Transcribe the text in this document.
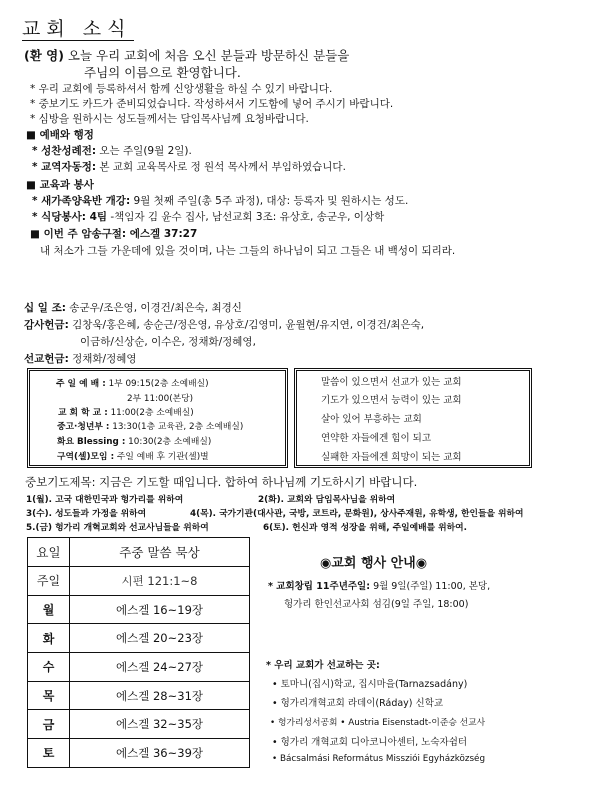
교회 소식
(환 영) 오늘 우리 교회에 처음 오신 분들과 방문하신 분들을
주님의 이름으로 환영합니다.
* 우리 교회에 등록하셔서 함께 신앙생활을 하실 수 있기 바랍니다.
* 중보기도 카드가 준비되었습니다. 작성하셔서 기도함에 넣어 주시기 바랍니다.
* 심방을 원하시는 성도들께서는 담임목사님께 요청바랍니다.
■ 예배와 행정
* 성찬성례전: 오는 주일(9월 2일).
* 교역자동정: 본 교회 교육목사로 정 원석 목사께서 부임하였습니다.
■ 교육과 봉사
* 새가족양육반 개강: 9월 첫째 주일(총 5주 과정), 대상: 등록자 및 원하시는 성도.
* 식당봉사: 4팀 -책임자 김 윤수 집사, 남선교회 3조: 유상호, 송군우, 이상학
■ 이번 주 암송구절: 에스겔 37:27
내 처소가 그들 가운데에 있을 것이며, 나는 그들의 하나님이 되고 그들은 내 백성이 되리라.
십 일 조: 송군우/조은영, 이경건/최은숙, 최경신
감사헌금: 김창욱/홍은혜, 송순근/정은영, 유상호/김영미, 윤월현/유지연, 이경건/최은숙,
이금하/신상순, 이수은, 정채화/정혜영,
선교헌금: 정채화/정혜영
주 일 예 배 : 1부 09:15(2층 소예배실)
2부 11:00(본당)
교 회 학 교 : 11:00(2층 소예배실)
중고·청년부 : 13:30(1층 교육관, 2층 소예배실)
화요 Blessing : 10:30(2층 소예배실)
구역(셀)모임 : 주일 예배 후 기관(셀)별
말씀이 있으면서 선교가 있는 교회
기도가 있으면서 능력이 있는 교회
살아 있어 부흥하는 교회
연약한 자들에겐 힘이 되고
실패한 자들에겐 희망이 되는 교회
중보기도제목: 지금은 기도할 때입니다. 합하여 하나님께 기도하시기 바랍니다.
1(월). 고국 대한민국과 헝가리를 위하여	2(화). 교회와 담임목사님을 위하여
3(수). 성도들과 가정을 위하여	4(목). 국가기관(대사관, 국방, 코트라, 문화원), 상사주재원, 유학생, 한인들을 위하여
5.(금) 헝가리 개혁교회와 선교사님들을 위하여	6(토). 헌신과 영적 성장을 위해, 주일예배를 위하여.
요일	주중 말씀 묵상
주일	시편 121:1~8
월	에스겔 16~19장
화	에스겔 20~23장
수	에스겔 24~27장
목	에스겔 28~31장
금	에스겔 32~35장
토	에스겔 36~39장
◉교회 행사 안내◉
* 교회창립 11주년주일: 9월 9일(주일) 11:00, 본당,
헝가리 한인선교사회 섬김(9일 주일, 18:00)
* 우리 교회가 선교하는 곳:
• 토마니(집시)학교, 집시마을(Tarnazsadány)
• 헝가리개혁교회 라데이(Ráday) 신학교
• 헝가리성서공회 • Austria Eisenstadt-이준승 선교사
• 헝가리 개혁교회 디아코니아센터, 노숙자쉼터
• Bácsalmási Református Missziói Egyházközség
